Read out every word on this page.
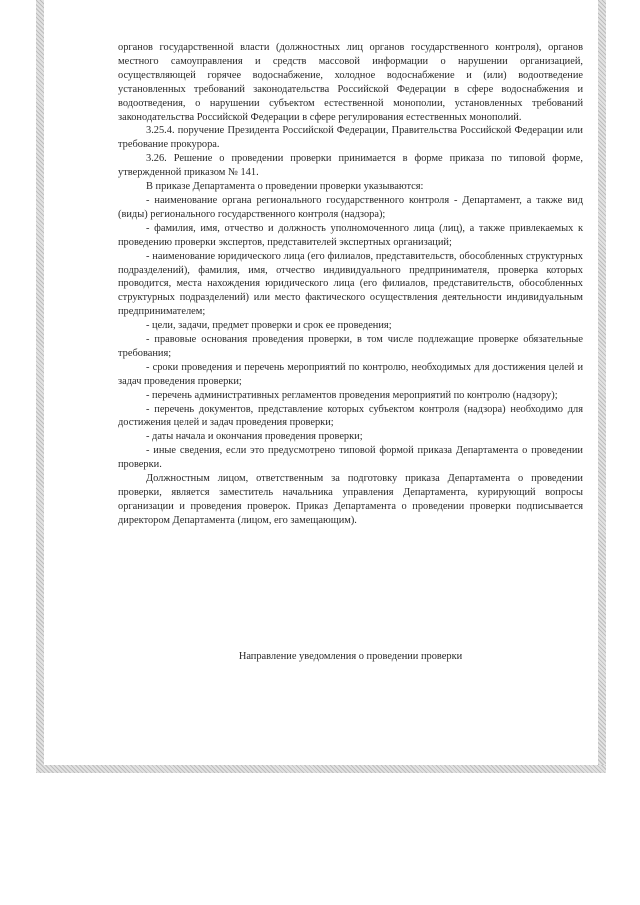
органов государственной власти (должностных лиц органов государственного контроля), органов местного самоуправления и средств массовой информации о нарушении организацией, осуществляющей горячее водоснабжение, холодное водоснабжение и (или) водоотведение установленных требований законодательства Российской Федерации в сфере водоснабжения и водоотведения, о нарушении субъектом естественной монополии, установленных требований законодательства Российской Федерации в сфере регулирования естественных монополий.

3.25.4. поручение Президента Российской Федерации, Правительства Российской Федерации или требование прокурора.

3.26. Решение о проведении проверки принимается в форме приказа по типовой форме, утвержденной приказом № 141.

В приказе Департамента о проведении проверки указываются:

- наименование органа регионального государственного контроля - Департамент, а также вид (виды) регионального государственного контроля (надзора);

- фамилия, имя, отчество и должность уполномоченного лица (лиц), а также привлекаемых к проведению проверки экспертов, представителей экспертных организаций;

- наименование юридического лица (его филиалов, представительств, обособленных структурных подразделений), фамилия, имя, отчество индивидуального предпринимателя, проверка которых проводится, места нахождения юридического лица (его филиалов, представительств, обособленных структурных подразделений) или место фактического осуществления деятельности индивидуальным предпринимателем;

- цели, задачи, предмет проверки и срок ее проведения;

- правовые основания проведения проверки, в том числе подлежащие проверке обязательные требования;

- сроки проведения и перечень мероприятий по контролю, необходимых для достижения целей и задач проведения проверки;

- перечень административных регламентов проведения мероприятий по контролю (надзору);

- перечень документов, представление которых субъектом контроля (надзора) необходимо для достижения целей и задач проведения проверки;

- даты начала и окончания проведения проверки;

- иные сведения, если это предусмотрено типовой формой приказа Департамента о проведении проверки.

Должностным лицом, ответственным за подготовку приказа Департамента о проведении проверки, является заместитель начальника управления Департамента, курирующий вопросы организации и проведения проверок. Приказ Департамента о проведении проверки подписывается директором Департамента (лицом, его замещающим).

Направление уведомления о проведении проверки
